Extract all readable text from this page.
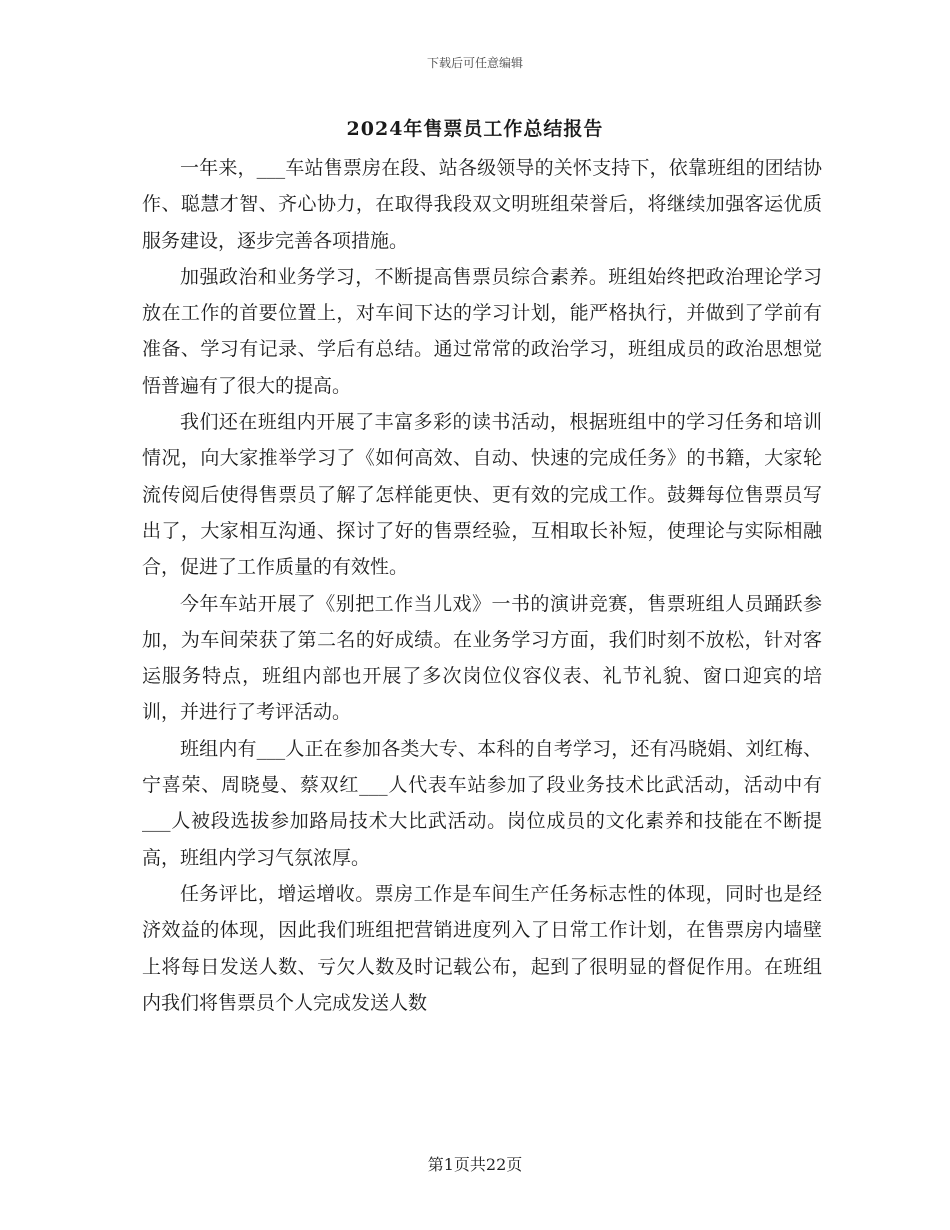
下载后可任意编辑
2024年售票员工作总结报告

一年来，___车站售票房在段、站各级领导的关怀支持下，依靠班组的团结协作、聪慧才智、齐心协力，在取得我段双文明班组荣誉后，将继续加强客运优质服务建设，逐步完善各项措施。

加强政治和业务学习，不断提高售票员综合素养。班组始终把政治理论学习放在工作的首要位置上，对车间下达的学习计划，能严格执行，并做到了学前有准备、学习有记录、学后有总结。通过常常的政治学习，班组成员的政治思想觉悟普遍有了很大的提高。

我们还在班组内开展了丰富多彩的读书活动，根据班组中的学习任务和培训情况，向大家推举学习了《如何高效、自动、快速的完成任务》的书籍，大家轮流传阅后使得售票员了解了怎样能更快、更有效的完成工作。鼓舞每位售票员写出了，大家相互沟通、探讨了好的售票经验，互相取长补短，使理论与实际相融合，促进了工作质量的有效性。

今年车站开展了《别把工作当儿戏》一书的演讲竞赛，售票班组人员踊跃参加，为车间荣获了第二名的好成绩。在业务学习方面，我们时刻不放松，针对客运服务特点，班组内部也开展了多次岗位仪容仪表、礼节礼貌、窗口迎宾的培训，并进行了考评活动。

班组内有___人正在参加各类大专、本科的自考学习，还有冯晓娟、刘红梅、宁喜荣、周晓曼、蔡双红___人代表车站参加了段业务技术比武活动，活动中有___人被段选拔参加路局技术大比武活动。岗位成员的文化素养和技能在不断提高，班组内学习气氛浓厚。

任务评比，增运增收。票房工作是车间生产任务标志性的体现，同时也是经济效益的体现，因此我们班组把营销进度列入了日常工作计划，在售票房内墙壁上将每日发送人数、亏欠人数及时记载公布，起到了很明显的督促作用。在班组内我们将售票员个人完成发送人数

第1页共22页
